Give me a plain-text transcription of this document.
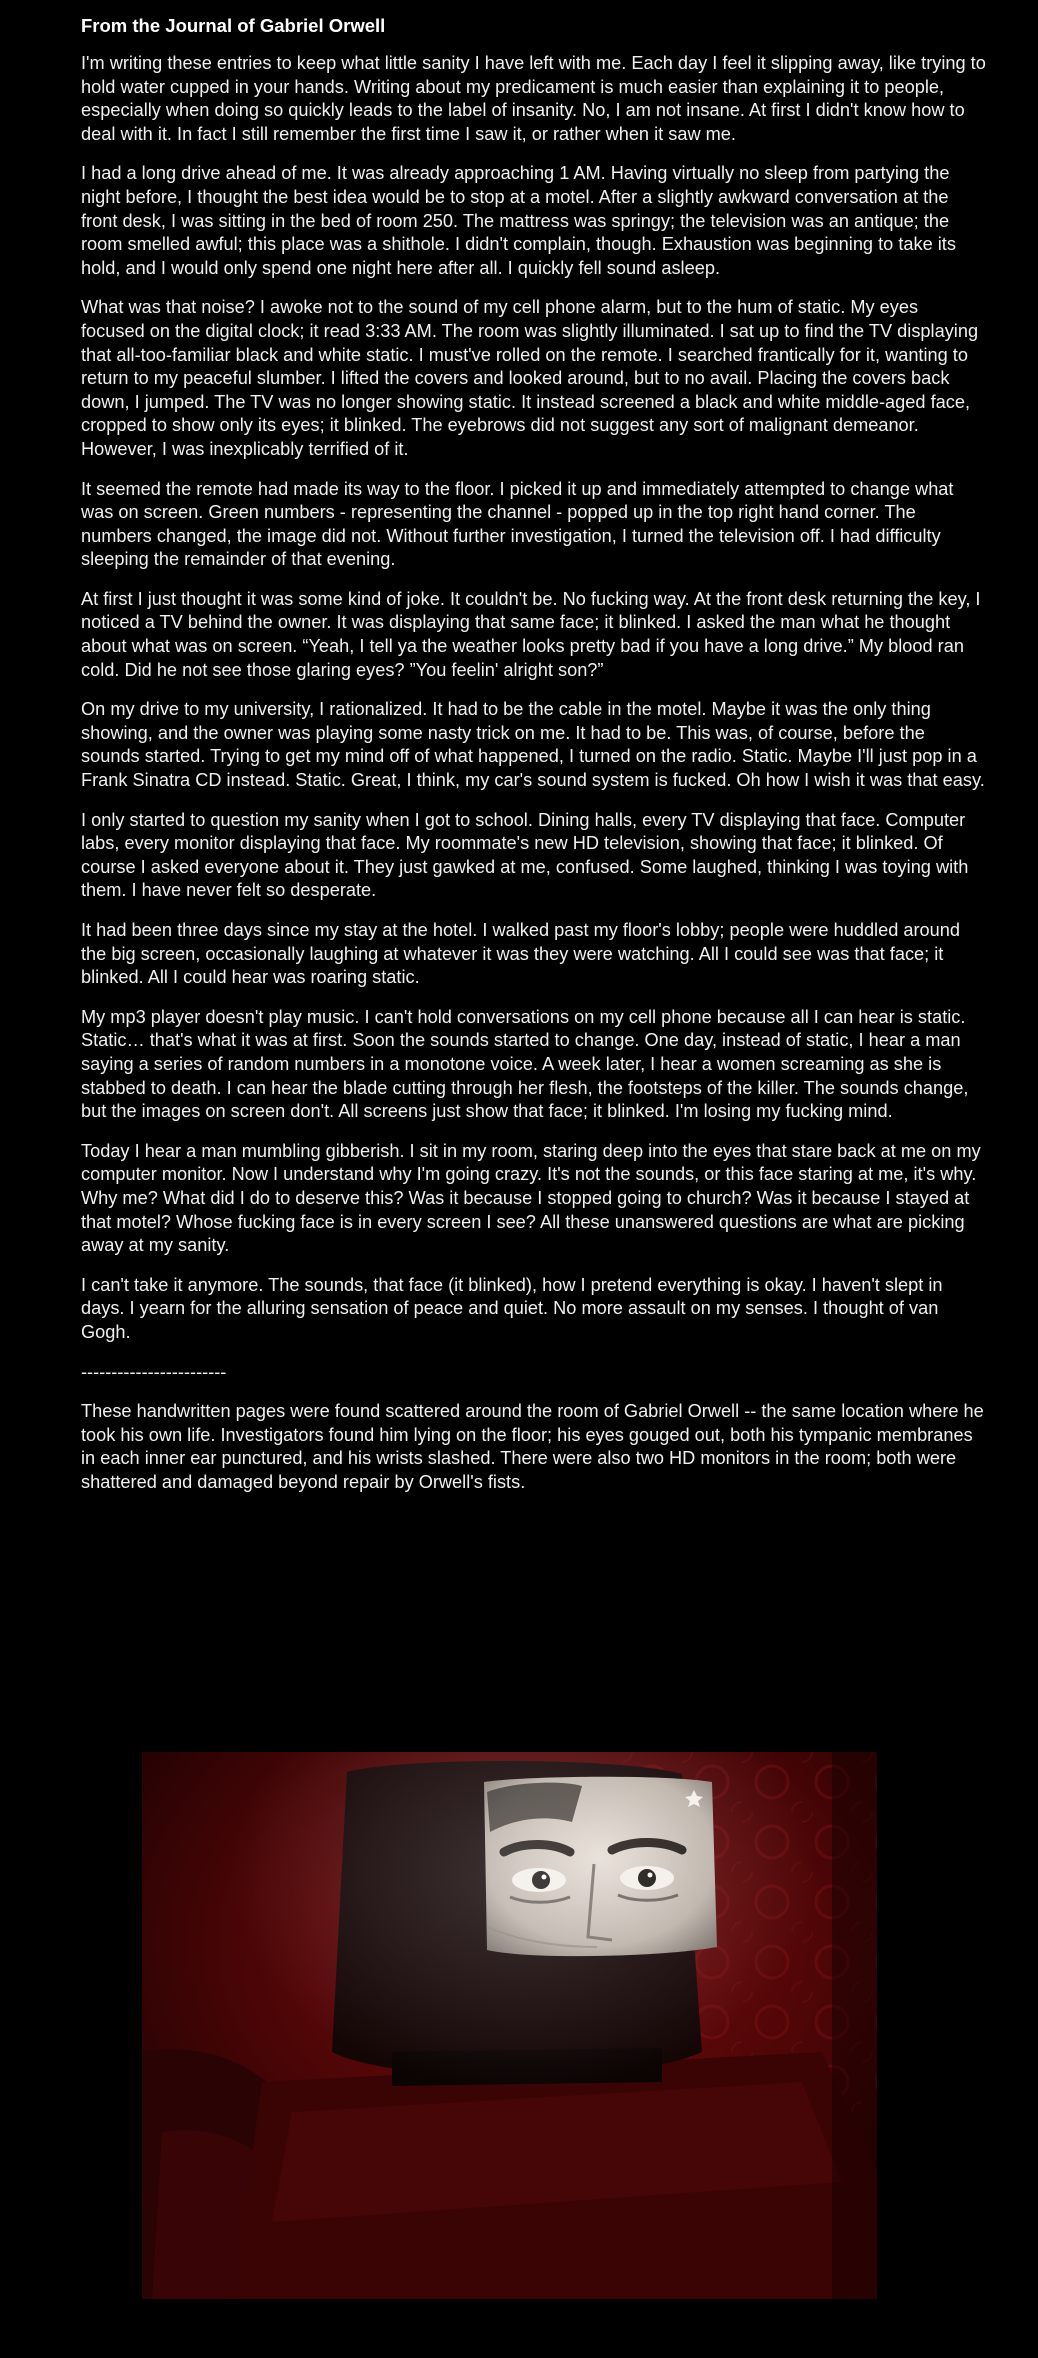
From the Journal of Gabriel Orwell
I'm writing these entries to keep what little sanity I have left with me. Each day I feel it slipping away, like trying to hold water cupped in your hands. Writing about my predicament is much easier than explaining it to people, especially when doing so quickly leads to the label of insanity. No, I am not insane. At first I didn't know how to deal with it. In fact I still remember the first time I saw it, or rather when it saw me.
I had a long drive ahead of me. It was already approaching 1 AM. Having virtually no sleep from partying the night before, I thought the best idea would be to stop at a motel. After a slightly awkward conversation at the front desk, I was sitting in the bed of room 250. The mattress was springy; the television was an antique; the room smelled awful; this place was a shithole. I didn't complain, though. Exhaustion was beginning to take its hold, and I would only spend one night here after all. I quickly fell sound asleep.
What was that noise? I awoke not to the sound of my cell phone alarm, but to the hum of static. My eyes focused on the digital clock; it read 3:33 AM. The room was slightly illuminated. I sat up to find the TV displaying that all-too-familiar black and white static. I must've rolled on the remote. I searched frantically for it, wanting to return to my peaceful slumber. I lifted the covers and looked around, but to no avail. Placing the covers back down, I jumped. The TV was no longer showing static. It instead screened a black and white middle-aged face, cropped to show only its eyes; it blinked. The eyebrows did not suggest any sort of malignant demeanor. However, I was inexplicably terrified of it.
It seemed the remote had made its way to the floor. I picked it up and immediately attempted to change what was on screen. Green numbers - representing the channel - popped up in the top right hand corner. The numbers changed, the image did not. Without further investigation, I turned the television off. I had difficulty sleeping the remainder of that evening.
At first I just thought it was some kind of joke. It couldn't be. No fucking way. At the front desk returning the key, I noticed a TV behind the owner. It was displaying that same face; it blinked. I asked the man what he thought about what was on screen. “Yeah, I tell ya the weather looks pretty bad if you have a long drive.” My blood ran cold. Did he not see those glaring eyes? ”You feelin' alright son?”
On my drive to my university, I rationalized. It had to be the cable in the motel. Maybe it was the only thing showing, and the owner was playing some nasty trick on me. It had to be. This was, of course, before the sounds started. Trying to get my mind off of what happened, I turned on the radio. Static. Maybe I'll just pop in a Frank Sinatra CD instead. Static. Great, I think, my car's sound system is fucked. Oh how I wish it was that easy.
I only started to question my sanity when I got to school. Dining halls, every TV displaying that face. Computer labs, every monitor displaying that face. My roommate's new HD television, showing that face; it blinked. Of course I asked everyone about it. They just gawked at me, confused. Some laughed, thinking I was toying with them. I have never felt so desperate.
It had been three days since my stay at the hotel. I walked past my floor's lobby; people were huddled around the big screen, occasionally laughing at whatever it was they were watching. All I could see was that face; it blinked. All I could hear was roaring static.
My mp3 player doesn't play music. I can't hold conversations on my cell phone because all I can hear is static. Static… that's what it was at first. Soon the sounds started to change. One day, instead of static, I hear a man saying a series of random numbers in a monotone voice. A week later, I hear a women screaming as she is stabbed to death. I can hear the blade cutting through her flesh, the footsteps of the killer. The sounds change, but the images on screen don't. All screens just show that face; it blinked. I'm losing my fucking mind.
Today I hear a man mumbling gibberish. I sit in my room, staring deep into the eyes that stare back at me on my computer monitor. Now I understand why I'm going crazy. It's not the sounds, or this face staring at me, it's why. Why me? What did I do to deserve this? Was it because I stopped going to church? Was it because I stayed at that motel? Whose fucking face is in every screen I see? All these unanswered questions are what are picking away at my sanity.
I can't take it anymore. The sounds, that face (it blinked), how I pretend everything is okay. I haven't slept in days. I yearn for the alluring sensation of peace and quiet. No more assault on my senses. I thought of van Gogh.
------------------------
These handwritten pages were found scattered around the room of Gabriel Orwell -- the same location where he took his own life. Investigators found him lying on the floor; his eyes gouged out, both his tympanic membranes in each inner ear punctured, and his wrists slashed. There were also two HD monitors in the room; both were shattered and damaged beyond repair by Orwell's fists.
